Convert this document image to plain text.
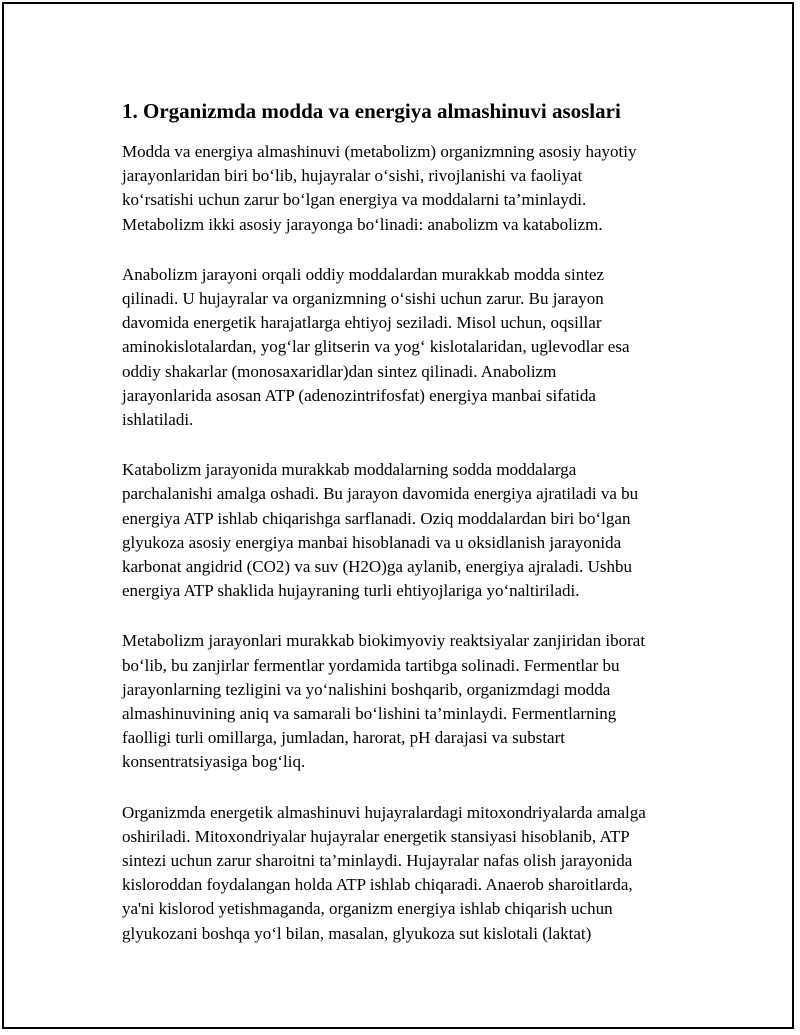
1. Organizmda modda va energiya almashinuvi asoslari

Modda va energiya almashinuvi (metabolizm) organizmning asosiy hayotiy
jarayonlaridan biri bo‘lib, hujayralar o‘sishi, rivojlanishi va faoliyat
ko‘rsatishi uchun zarur bo‘lgan energiya va moddalarni ta’minlaydi.
Metabolizm ikki asosiy jarayonga bo‘linadi: anabolizm va katabolizm.

Anabolizm jarayoni orqali oddiy moddalardan murakkab modda sintez
qilinadi. U hujayralar va organizmning o‘sishi uchun zarur. Bu jarayon
davomida energetik harajatlarga ehtiyoj seziladi. Misol uchun, oqsillar
aminokislotalardan, yog‘lar glitserin va yog‘ kislotalaridan, uglevodlar esa
oddiy shakarlar (monosaxaridlar)dan sintez qilinadi. Anabolizm
jarayonlarida asosan ATP (adenozintrifosfat) energiya manbai sifatida
ishlatiladi.

Katabolizm jarayonida murakkab moddalarning sodda moddalarga
parchalanishi amalga oshadi. Bu jarayon davomida energiya ajratiladi va bu
energiya ATP ishlab chiqarishga sarflanadi. Oziq moddalardan biri bo‘lgan
glyukoza asosiy energiya manbai hisoblanadi va u oksidlanish jarayonida
karbonat angidrid (CO2) va suv (H2O)ga aylanib, energiya ajraladi. Ushbu
energiya ATP shaklida hujayraning turli ehtiyojlariga yo‘naltiriladi.

Metabolizm jarayonlari murakkab biokimyoviy reaktsiyalar zanjiridan iborat
bo‘lib, bu zanjirlar fermentlar yordamida tartibga solinadi. Fermentlar bu
jarayonlarning tezligini va yo‘nalishini boshqarib, organizmdagi modda
almashinuvining aniq va samarali bo‘lishini ta’minlaydi. Fermentlarning
faolligi turli omillarga, jumladan, harorat, pH darajasi va substart
konsentratsiyasiga bog‘liq.

Organizmda energetik almashinuvi hujayralardagi mitoxondriyalarda amalga
oshiriladi. Mitoxondriyalar hujayralar energetik stansiyasi hisoblanib, ATP
sintezi uchun zarur sharoitni ta’minlaydi. Hujayralar nafas olish jarayonida
kisloroddan foydalangan holda ATP ishlab chiqaradi. Anaerob sharoitlarda,
ya'ni kislorod yetishmaganda, organizm energiya ishlab chiqarish uchun
glyukozani boshqa yo‘l bilan, masalan, glyukoza sut kislotali (laktat)
